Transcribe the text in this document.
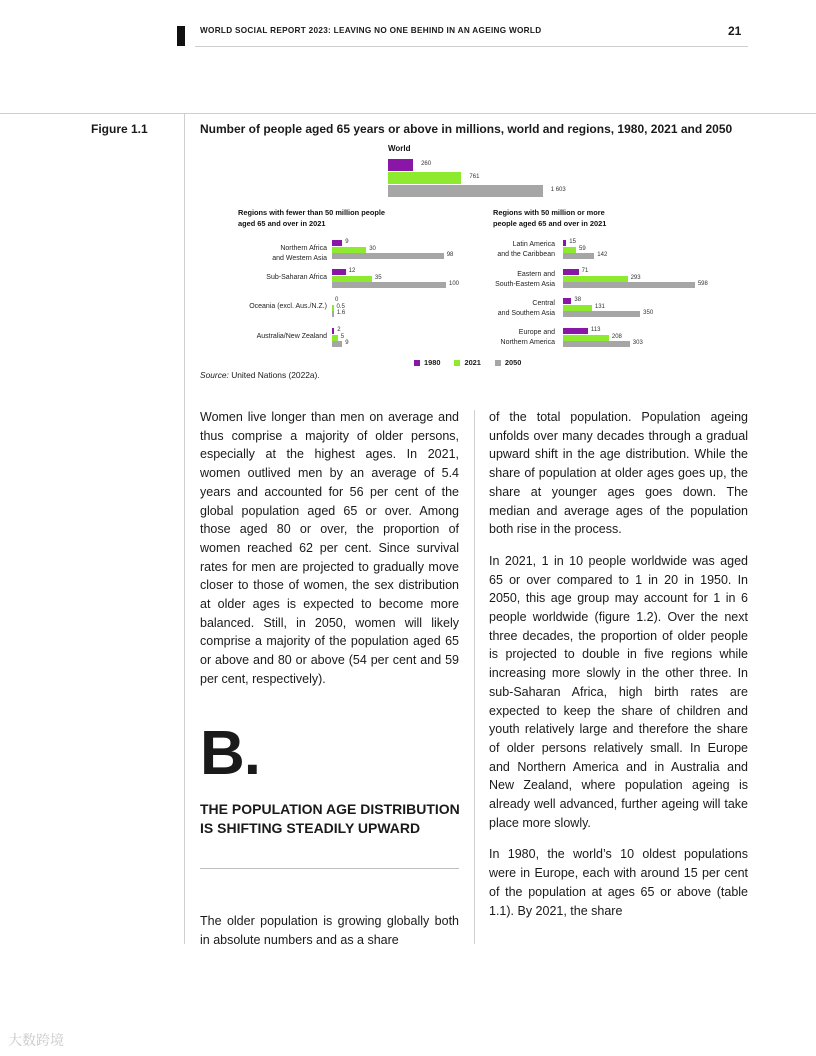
WORLD SOCIAL REPORT 2023: LEAVING NO ONE BEHIND IN AN AGEING WORLD	21
Figure 1.1	Number of people aged 65 years or above in millions, world and regions, 1980, 2021 and 2050
World
Regions with fewer than 50 million people
aged 65 and over in 2021
Regions with 50 million or more
people aged 65 and over in 2021
Northern Africa
and Western Asia
Sub-Saharan Africa
Oceania (excl. Aus./N.Z.)
Australia/New Zealand
Latin America
and the Caribbean
Eastern and
South-Eastern Asia
Central
and Southern Asia
Europe and
Northern America
260
761
1 603
9
30
98
12
35
100
0
0.5
1.6
2
5
9
15
59
142
71
293
598
38
131
350
113
208
303
1980	2021	2050
Source: United Nations (2022a).

Women live longer than men on average and thus comprise a majority of older persons, especially at the highest ages. In 2021, women outlived men by an average of 5.4 years and accounted for 56 per cent of the global population aged 65 or over. Among those aged 80 or over, the proportion of women reached 62 per cent. Since survival rates for men are projected to gradually move closer to those of women, the sex distribution at older ages is expected to become more balanced. Still, in 2050, women will likely comprise a majority of the population aged 65 or above and 80 or above (54 per cent and 59 per cent, respectively).

B.
THE POPULATION AGE DISTRIBUTION IS SHIFTING STEADILY UPWARD

The older population is growing globally both in absolute numbers and as a share

of the total population. Population ageing unfolds over many decades through a gradual upward shift in the age distribution. While the share of population at older ages goes up, the share at younger ages goes down. The median and average ages of the population both rise in the process.

In 2021, 1 in 10 people worldwide was aged 65 or over compared to 1 in 20 in 1950. In 2050, this age group may account for 1 in 6 people worldwide (figure 1.2). Over the next three decades, the proportion of older people is projected to double in five regions while increasing more slowly in the other three. In sub-Saharan Africa, high birth rates are expected to keep the share of children and youth relatively large and therefore the share of older persons relatively small. In Europe and Northern America and in Australia and New Zealand, where population ageing is already well advanced, further ageing will take place more slowly.

In 1980, the world’s 10 oldest populations were in Europe, each with around 15 per cent of the population at ages 65 or above (table 1.1). By 2021, the share

大数跨境
